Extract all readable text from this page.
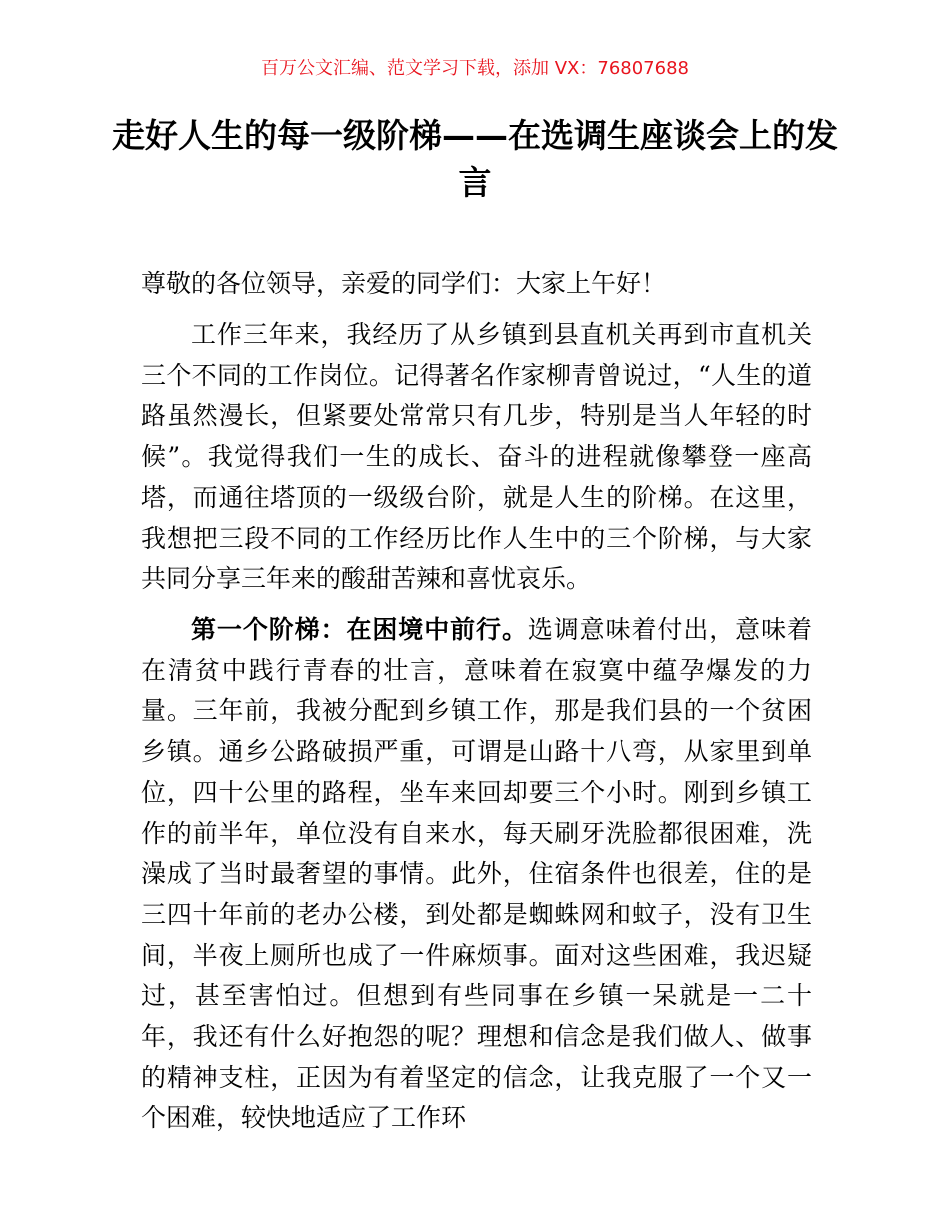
百万公文汇编、范文学习下载，添加 VX：76807688
走好人生的每一级阶梯——在选调生座谈会上的发言

尊敬的各位领导，亲爱的同学们：大家上午好！

工作三年来，我经历了从乡镇到县直机关再到市直机关三个不同的工作岗位。记得著名作家柳青曾说过，“人生的道路虽然漫长，但紧要处常常只有几步，特别是当人年轻的时候”。我觉得我们一生的成长、奋斗的进程就像攀登一座高塔，而通往塔顶的一级级台阶，就是人生的阶梯。在这里，我想把三段不同的工作经历比作人生中的三个阶梯，与大家共同分享三年来的酸甜苦辣和喜忧哀乐。

第一个阶梯：在困境中前行。选调意味着付出，意味着在清贫中践行青春的壮言，意味着在寂寞中蕴孕爆发的力量。三年前，我被分配到乡镇工作，那是我们县的一个贫困乡镇。通乡公路破损严重，可谓是山路十八弯，从家里到单位，四十公里的路程，坐车来回却要三个小时。刚到乡镇工作的前半年，单位没有自来水，每天刷牙洗脸都很困难，洗澡成了当时最奢望的事情。此外，住宿条件也很差，住的是三四十年前的老办公楼，到处都是蜘蛛网和蚊子，没有卫生间，半夜上厕所也成了一件麻烦事。面对这些困难，我迟疑过，甚至害怕过。但想到有些同事在乡镇一呆就是一二十年，我还有什么好抱怨的呢？理想和信念是我们做人、做事的精神支柱，正因为有着坚定的信念，让我克服了一个又一个困难，较快地适应了工作环
